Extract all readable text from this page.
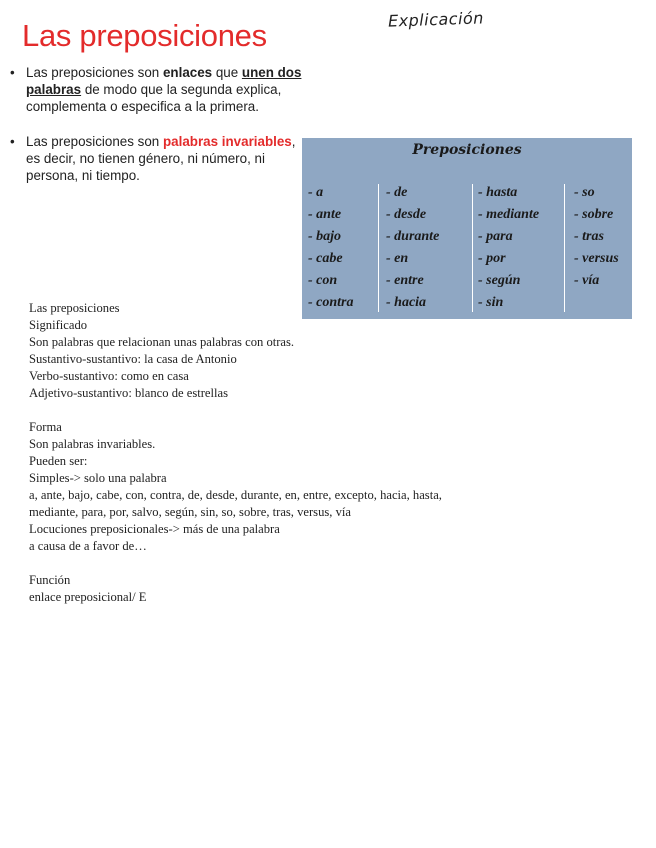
Las preposiciones	Explicación
• Las preposiciones son enlaces que unen dos palabras de modo que la segunda explica, complementa o especifica a la primera.
• Las preposiciones son palabras invariables, es decir, no tienen género, ni número, ni persona, ni tiempo.
Preposiciones
- a
- ante
- bajo
- cabe
- con
- contra
- de
- desde
- durante
- en
- entre
- hacia
- hasta
- mediante
- para
- por
- según
- sin
- so
- sobre
- tras
- versus
- vía
Las preposiciones
Significado
Son palabras que relacionan unas palabras con otras.
Sustantivo-sustantivo: la casa de Antonio
Verbo-sustantivo: como en casa
Adjetivo-sustantivo: blanco de estrellas
Forma
Son palabras invariables.
Pueden ser:
Simples-> solo una palabra
a, ante, bajo, cabe, con, contra, de, desde, durante, en, entre, excepto, hacia, hasta,
mediante, para, por, salvo, según, sin, so, sobre, tras, versus, vía
Locuciones preposicionales-> más de una palabra
a causa de a favor de…
Función
enlace preposicional/ E
